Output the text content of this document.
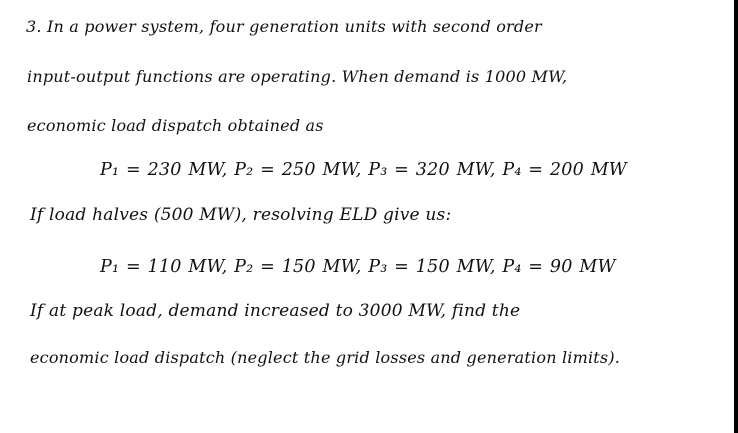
3. In a power system, four generation units with second order
input-output functions are operating. When demand is 1000 MW,
economic load dispatch obtained as
P₁ = 230 MW, P₂ = 250 MW, P₃ = 320 MW, P₄ = 200 MW
If load halves (500 MW), resolving ELD give us:
P₁ = 110 MW, P₂ = 150 MW, P₃ = 150 MW, P₄ = 90 MW
If at peak load, demand increased to 3000 MW, find the
economic load dispatch (neglect the grid losses and generation limits).
